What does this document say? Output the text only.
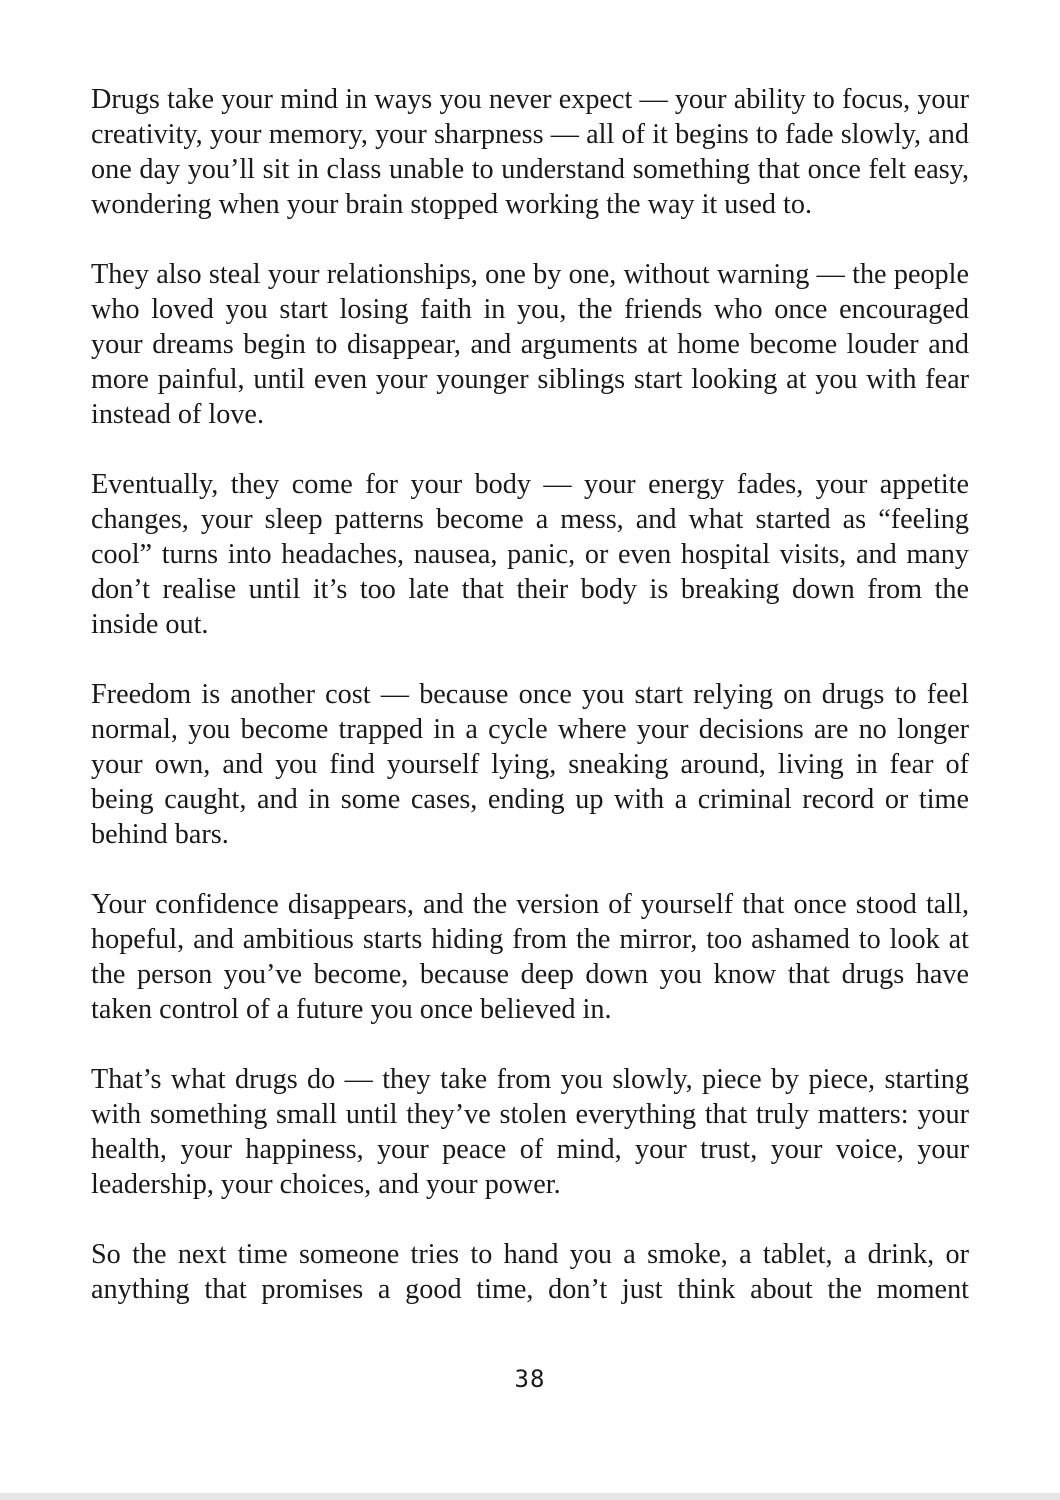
Drugs take your mind in ways you never expect — your ability to focus, your creativity, your memory, your sharpness — all of it begins to fade slowly, and one day you’ll sit in class unable to understand something that once felt easy, wondering when your brain stopped working the way it used to.

They also steal your relationships, one by one, without warning — the people who loved you start losing faith in you, the friends who once encouraged your dreams begin to disappear, and arguments at home become louder and more painful, until even your younger siblings start looking at you with fear instead of love.

Eventually, they come for your body — your energy fades, your appetite changes, your sleep patterns become a mess, and what started as “feeling cool” turns into headaches, nausea, panic, or even hospital visits, and many don’t realise until it’s too late that their body is breaking down from the inside out.

Freedom is another cost — because once you start relying on drugs to feel normal, you become trapped in a cycle where your decisions are no longer your own, and you find yourself lying, sneaking around, living in fear of being caught, and in some cases, ending up with a criminal record or time behind bars.

Your confidence disappears, and the version of yourself that once stood tall, hopeful, and ambitious starts hiding from the mirror, too ashamed to look at the person you’ve become, because deep down you know that drugs have taken control of a future you once believed in.

That’s what drugs do — they take from you slowly, piece by piece, starting with something small until they’ve stolen everything that truly matters: your health, your happiness, your peace of mind, your trust, your voice, your leadership, your choices, and your power.

So the next time someone tries to hand you a smoke, a tablet, a drink, or anything that promises a good time, don’t just think about the moment

38
